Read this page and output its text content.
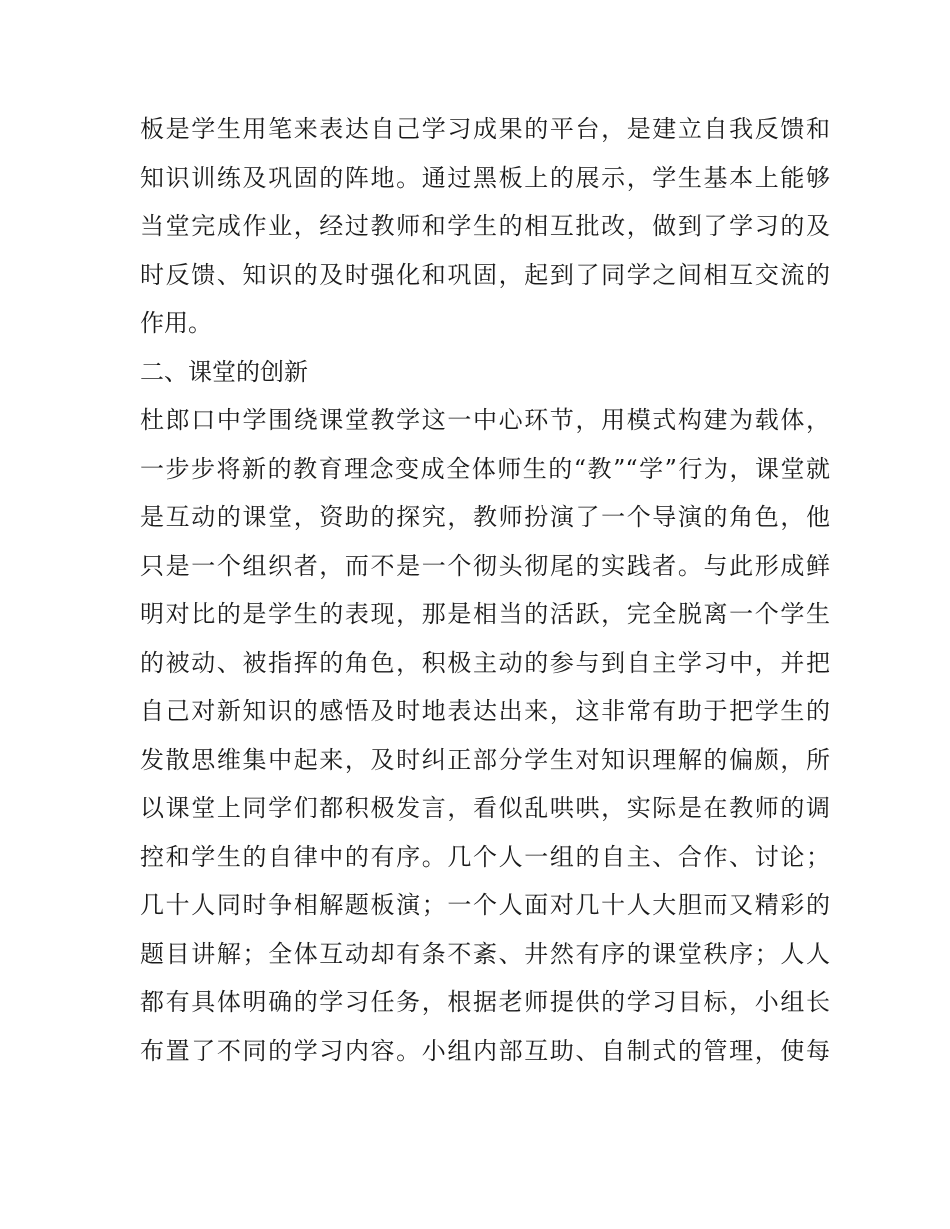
板是学生用笔来表达自己学习成果的平台，是建立自我反馈和
知识训练及巩固的阵地。通过黑板上的展示，学生基本上能够
当堂完成作业，经过教师和学生的相互批改，做到了学习的及
时反馈、知识的及时强化和巩固，起到了同学之间相互交流的
作用。
二、课堂的创新
杜郎口中学围绕课堂教学这一中心环节，用模式构建为载体，
一步步将新的教育理念变成全体师生的“教”“学”行为，课堂就
是互动的课堂，资助的探究，教师扮演了一个导演的角色，他
只是一个组织者，而不是一个彻头彻尾的实践者。与此形成鲜
明对比的是学生的表现，那是相当的活跃，完全脱离一个学生
的被动、被指挥的角色，积极主动的参与到自主学习中，并把
自己对新知识的感悟及时地表达出来，这非常有助于把学生的
发散思维集中起来，及时纠正部分学生对知识理解的偏颇，所
以课堂上同学们都积极发言，看似乱哄哄，实际是在教师的调
控和学生的自律中的有序。几个人一组的自主、合作、讨论；
几十人同时争相解题板演；一个人面对几十人大胆而又精彩的
题目讲解；全体互动却有条不紊、井然有序的课堂秩序；人人
都有具体明确的学习任务，根据老师提供的学习目标，小组长
布置了不同的学习内容。小组内部互助、自制式的管理，使每
